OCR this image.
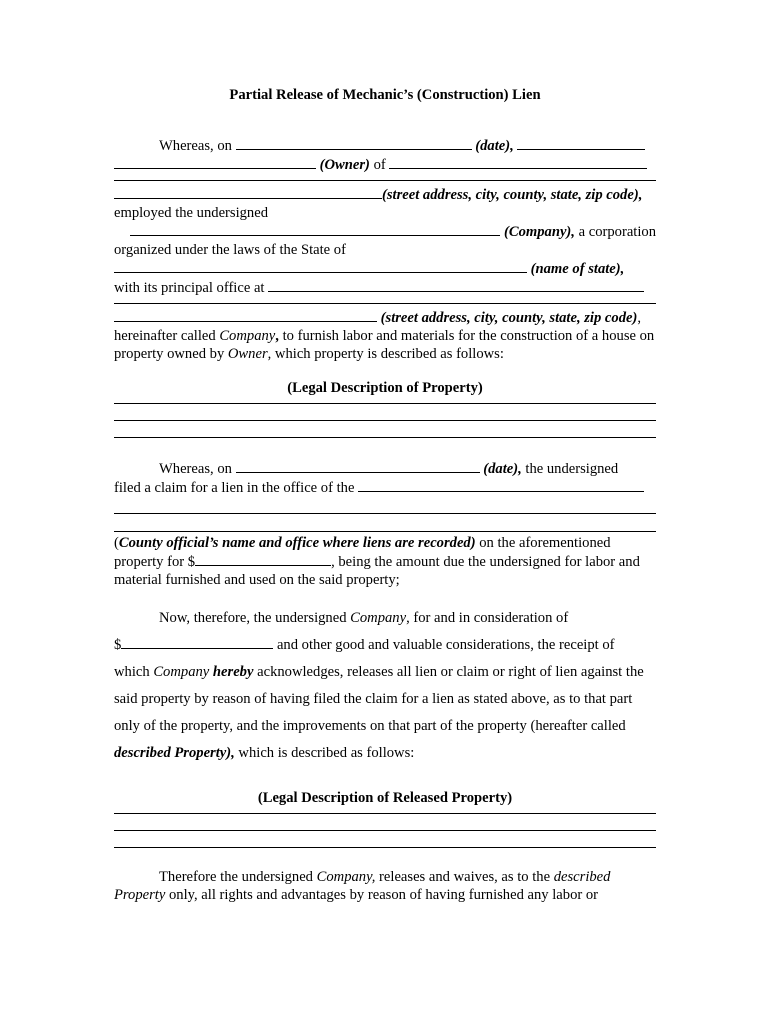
Partial Release of Mechanic’s (Construction) Lien

Whereas, on	(date),

(Owner) of

(street address, city, county, state, zip code), employed the undersigned

(Company), a corporation

organized under the laws of the State of

(name of state),

with its principal office at

(street address, city, county, state, zip code),

hereinafter called Company, to furnish labor and materials for the construction of a house on property owned by Owner, which property is described as follows:

(Legal Description of Property)

Whereas, on	(date), the undersigned

filed a claim for a lien in the office of the

(County official’s name and office where liens are recorded) on the aforementioned
property for $	, being the amount due the undersigned for labor and material furnished and used on the said property;

Now, therefore, the undersigned Company, for and in consideration of

$	and other good and valuable considerations, the receipt of

which Company hereby acknowledges, releases all lien or claim or right of lien against the said property by reason of having filed the claim for a lien as stated above, as to that part only of the property, and the improvements on that part of the property (hereafter called described Property), which is described as follows:

(Legal Description of Released Property)

Therefore the undersigned Company, releases and waives, as to the described
Property only, all rights and advantages by reason of having furnished any labor or
